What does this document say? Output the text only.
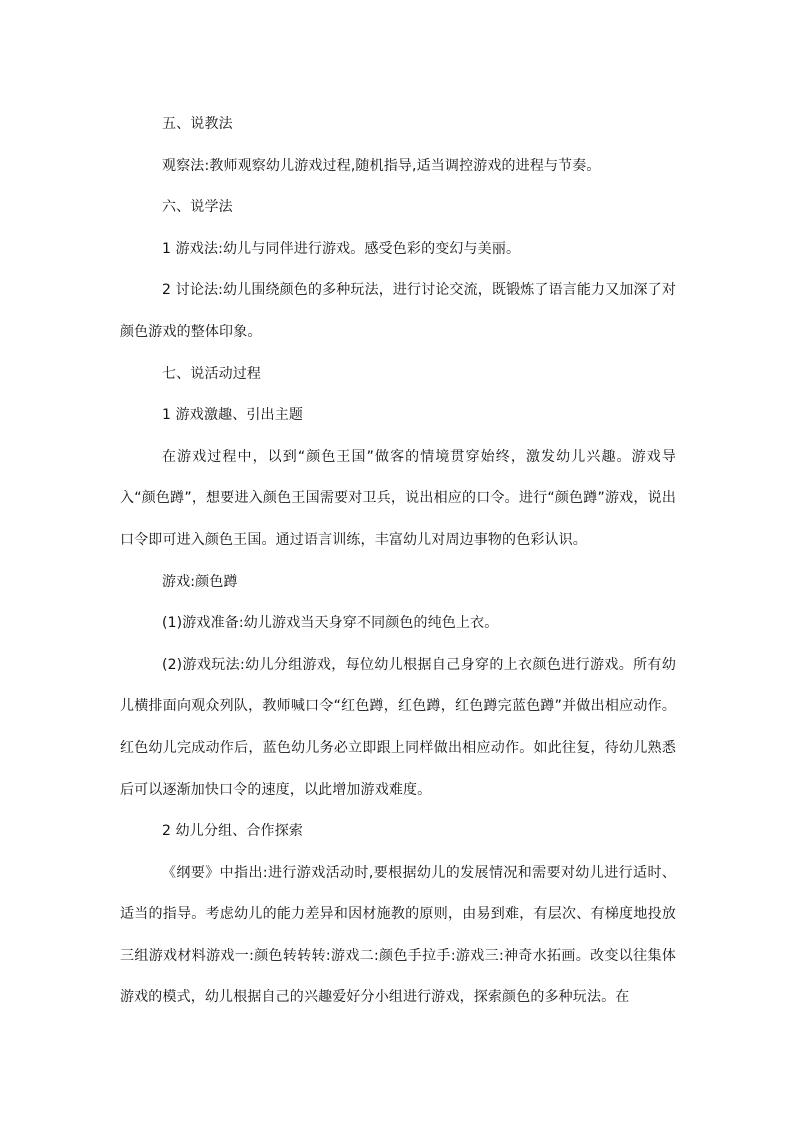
五、说教法

观察法:教师观察幼儿游戏过程,随机指导,适当调控游戏的进程与节奏。

六、说学法

1 游戏法:幼儿与同伴进行游戏。感受色彩的变幻与美丽。

2 讨论法:幼儿围绕颜色的多种玩法，进行讨论交流，既锻炼了语言能力又加深了对颜色游戏的整体印象。

七、说活动过程

1 游戏激趣、引出主题

在游戏过程中，以到“颜色王国”做客的情境贯穿始终，激发幼儿兴趣。游戏导入“颜色蹲”，想要进入颜色王国需要对卫兵，说出相应的口令。进行“颜色蹲”游戏，说出口令即可进入颜色王国。通过语言训练，丰富幼儿对周边事物的色彩认识。

游戏:颜色蹲

(1)游戏准备:幼儿游戏当天身穿不同颜色的纯色上衣。

(2)游戏玩法:幼儿分组游戏，每位幼儿根据自己身穿的上衣颜色进行游戏。所有幼儿横排面向观众列队，教师喊口令“红色蹲，红色蹲，红色蹲完蓝色蹲”并做出相应动作。红色幼儿完成动作后，蓝色幼儿务必立即跟上同样做出相应动作。如此往复，待幼儿熟悉后可以逐渐加快口令的速度，以此增加游戏难度。

2 幼儿分组、合作探索

《纲要》中指出:进行游戏活动时,要根据幼儿的发展情况和需要对幼儿进行适时、适当的指导。考虑幼儿的能力差异和因材施教的原则，由易到难，有层次、有梯度地投放三组游戏材料游戏一:颜色转转转:游戏二:颜色手拉手:游戏三:神奇水拓画。改变以往集体游戏的模式，幼儿根据自己的兴趣爱好分小组进行游戏，探索颜色的多种玩法。在
